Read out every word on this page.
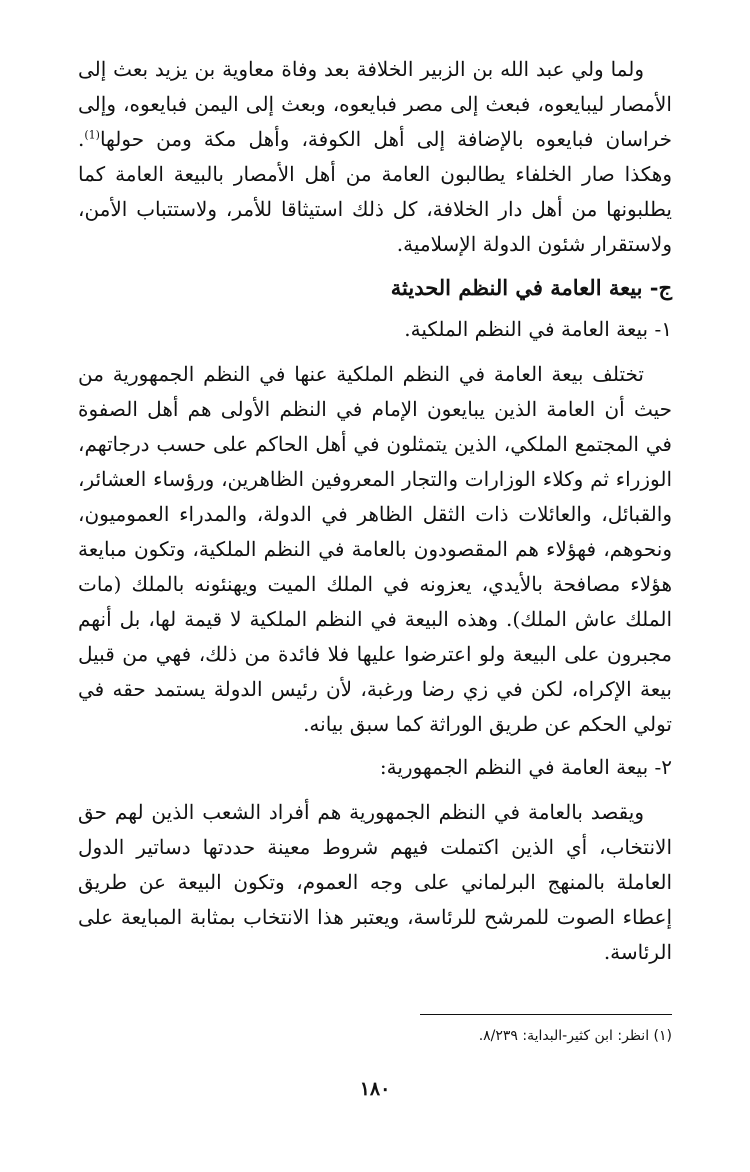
ولما ولي عبد الله بن الزبير الخلافة بعد وفاة معاوية بن يزيد بعث إلى الأمصار ليبايعوه، فبعث إلى مصر فبايعوه، وبعث إلى اليمن فبايعوه، وإلى خراسان فبايعوه بالإضافة إلى أهل الكوفة، وأهل مكة ومن حولها$^{(1)}$. وهكذا صار الخلفاء يطالبون العامة من أهل الأمصار بالبيعة العامة كما يطلبونها من أهل دار الخلافة، كل ذلك استيثاقا للأمر، ولاستتباب الأمن، ولاستقرار شئون الدولة الإسلامية.

ج- بيعة العامة في النظم الحديثة
١- بيعة العامة في النظم الملكية.

تختلف بيعة العامة في النظم الملكية عنها في النظم الجمهورية من حيث أن العامة الذين يبايعون الإمام في النظم الأولى هم أهل الصفوة في المجتمع الملكي، الذين يتمثلون في أهل الحاكم على حسب درجاتهم، الوزراء ثم وكلاء الوزارات والتجار المعروفين الظاهرين، ورؤساء العشائر، والقبائل، والعائلات ذات الثقل الظاهر في الدولة، والمدراء العموميون، ونحوهم، فهؤلاء هم المقصودون بالعامة في النظم الملكية، وتكون مبايعة هؤلاء مصافحة بالأيدي، يعزونه في الملك الميت ويهنئونه بالملك (مات الملك عاش الملك). وهذه البيعة في النظم الملكية لا قيمة لها، بل أنهم مجبرون على البيعة ولو اعترضوا عليها فلا فائدة من ذلك، فهي من قبيل بيعة الإكراه، لكن في زي رضا ورغبة، لأن رئيس الدولة يستمد حقه في تولي الحكم عن طريق الوراثة كما سبق بيانه.

٢- بيعة العامة في النظم الجمهورية:

ويقصد بالعامة في النظم الجمهورية هم أفراد الشعب الذين لهم حق الانتخاب، أي الذين اكتملت فيهم شروط معينة حددتها دساتير الدول العاملة بالمنهج البرلماني على وجه العموم، وتكون البيعة عن طريق إعطاء الصوت للمرشح للرئاسة، ويعتبر هذا الانتخاب بمثابة المبايعة على الرئاسة.

(١) انظر: ابن كثير-البداية: ٨/٢٣٩.
١٨٠
